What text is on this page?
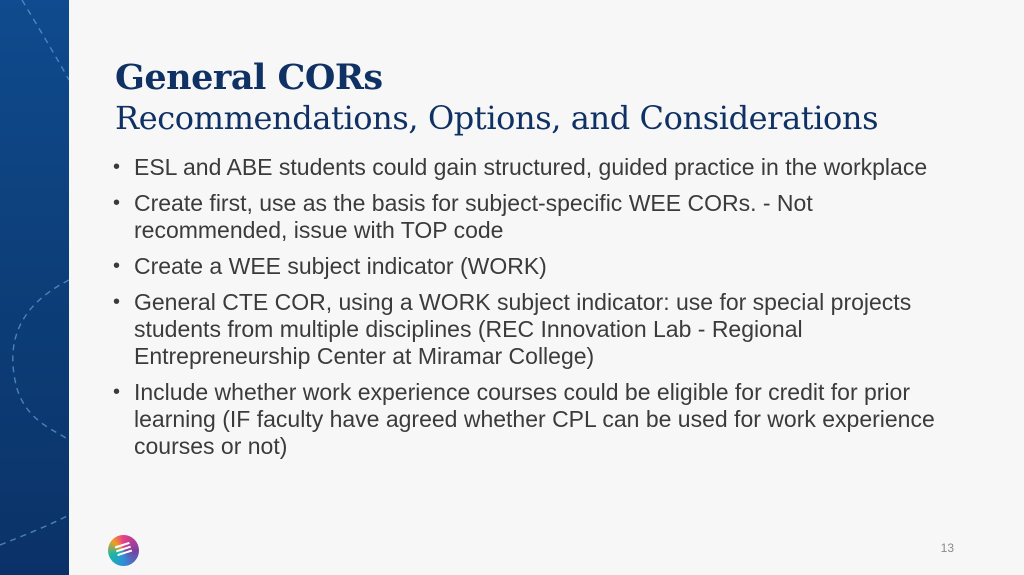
General CORs
Recommendations, Options, and Considerations
• ESL and ABE students could gain structured, guided practice in the workplace
• Create first, use as the basis for subject-specific WEE CORs. - Not recommended, issue with TOP code
• Create a WEE subject indicator (WORK)
• General CTE COR, using a WORK subject indicator: use for special projects students from multiple disciplines (REC Innovation Lab - Regional Entrepreneurship Center at Miramar College)
• Include whether work experience courses could be eligible for credit for prior learning (IF faculty have agreed whether CPL can be used for work experience courses or not)
13
